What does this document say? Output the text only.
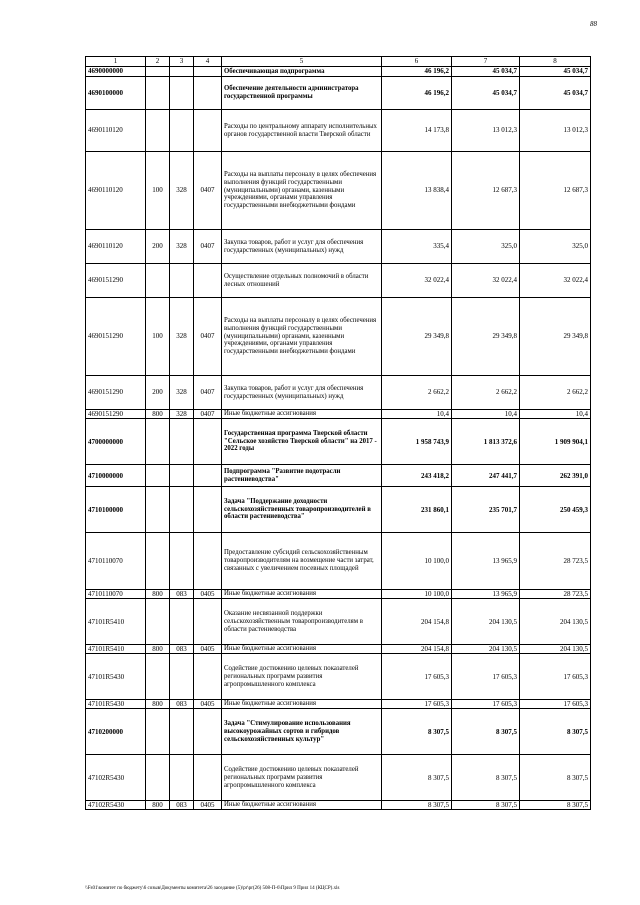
88
1	2	3	4	5	6	7	8
4690000000				Обеспечивающая подпрограмма	46 196,2	45 034,7	45 034,7
4690100000				Обеспечение деятельности администратора государственной программы	46 196,2	45 034,7	45 034,7
4690110120				Расходы по центральному аппарату исполнительных органов государственной власти Тверской области	14 173,8	13 012,3	13 012,3
4690110120	100	328	0407	Расходы на выплаты персоналу в целях обеспечения выполнения функций государственными (муниципальными) органами, казенными учреждениями, органами управления государственными внебюджетными фондами	13 838,4	12 687,3	12 687,3
4690110120	200	328	0407	Закупка товаров, работ и услуг для обеспечения государственных (муниципальных) нужд	335,4	325,0	325,0
4690151290				Осуществление отдельных полномочий в области лесных отношений	32 022,4	32 022,4	32 022,4
4690151290	100	328	0407	Расходы на выплаты персоналу в целях обеспечения выполнения функций государственными (муниципальными) органами, казенными учреждениями, органами управления государственными внебюджетными фондами	29 349,8	29 349,8	29 349,8
4690151290	200	328	0407	Закупка товаров, работ и услуг для обеспечения государственных (муниципальных) нужд	2 662,2	2 662,2	2 662,2
4690151290	800	328	0407	Иные бюджетные ассигнования	10,4	10,4	10,4
4700000000				Государственная программа Тверской области "Сельское хозяйство Тверской области" на 2017 - 2022 годы	1 958 743,9	1 813 372,6	1 909 904,1
4710000000				Подпрограмма "Развитие подотрасли растениеводства"	243 418,2	247 441,7	262 391,0
4710100000				Задача "Поддержание доходности сельскохозяйственных товаропроизводителей в области растениеводства"	231 860,1	235 701,7	250 459,3
4710110070				Предоставление субсидий сельскохозяйственным товаропроизводителям на возмещение части затрат, связанных с увеличением посевных площадей	10 100,0	13 965,9	28 723,5
4710110070	800	083	0405	Иные бюджетные ассигнования	10 100,0	13 965,9	28 723,5
47101R5410				Оказание несвязанной поддержки сельскохозяйственным товаропроизводителям в области растениеводства	204 154,8	204 130,5	204 130,5
47101R5410	800	083	0405	Иные бюджетные ассигнования	204 154,8	204 130,5	204 130,5
47101R5430				Содействие достижению целевых показателей региональных программ развития агропромышленного комплекса	17 605,3	17 605,3	17 605,3
47101R5430	800	083	0405	Иные бюджетные ассигнования	17 605,3	17 605,3	17 605,3
4710200000				Задача "Стимулирование использования высокоурожайных сортов и гибридов сельскохозяйственных культур"	8 307,5	8 307,5	8 307,5
47102R5430				Содействие достижению целевых показателей региональных программ развития агропромышленного комплекса	8 307,5	8 307,5	8 307,5
47102R5430	800	083	0405	Иные бюджетные ассигнования	8 307,5	8 307,5	8 307,5
\\Fs01\комитет по бюджету\6 созыв\Документы комитета\26 заседание (5)\pr\pr(26) 508-П-6\Прил 9 Прил 14 (КЦСР).xls
